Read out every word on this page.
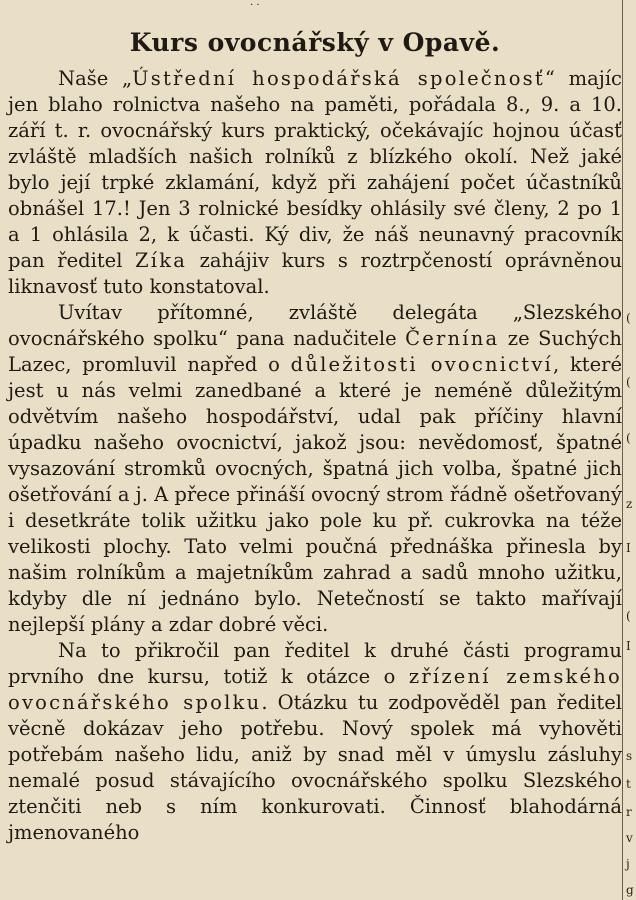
· ·
Kurs ovocnářský v Opavě.

Naše „Ústřední hospodářská společnosť“ majíc jen blaho rolnictva našeho na paměti, pořádala 8., 9. a 10. září t. r. ovocnářský kurs praktický, očekávajíc hojnou účasť zvláště mladších našich rolníků z blízkého okolí. Než jaké bylo její trpké zklamání, když při zahájení počet účastníků obnášel 17.! Jen 3 rolnické besídky ohlásily své členy, 2 po 1 a 1 ohlásila 2, k účasti. Ký div, že náš neunavný pracovník pan ředitel Zíka zahájiv kurs s roztrpčeností oprávněnou liknavosť tuto konstatoval.

Uvítav přítomné, zvláště delegáta „Slezského ovocnářského spolku“ pana nadučitele Černína ze Suchých Lazec, promluvil napřed o důležitosti ovocnictví, které jest u nás velmi zanedbané a které je neméně důležitým odvětvím našeho hospodářství, udal pak příčiny hlavní úpadku našeho ovocnictví, jakož jsou: nevědomosť, špatné vysazování stromků ovocných, špatná jich volba, špatné jich ošetřování a j. A přece přináší ovocný strom řádně ošetřovaný i desetkráte tolik užitku jako pole ku př. cukrovka na téže velikosti plochy. Tato velmi poučná přednáška přinesla by našim rolníkům a majetníkům zahrad a sadů mnoho užitku, kdyby dle ní jednáno bylo. Netečností se takto mařívají nejlepší plány a zdar dobré věci.

Na to přikročil pan ředitel k druhé části programu prvního dne kursu, totiž k otázce o zřízení zemského ovocnářského spolku. Otázku tu zodpověděl pan ředitel věcně dokázav jeho potřebu. Nový spolek má vyhověti potřebám našeho lidu, aniž by snad měl v úmyslu zásluhy nemalé posud stávajícího ovocnářského spolku Slezského ztenčiti neb s ním konkurovati. Činnosť blahodárná jmenovaného

(
(
(
z
I
(
I
s
t
r
v
j
g
